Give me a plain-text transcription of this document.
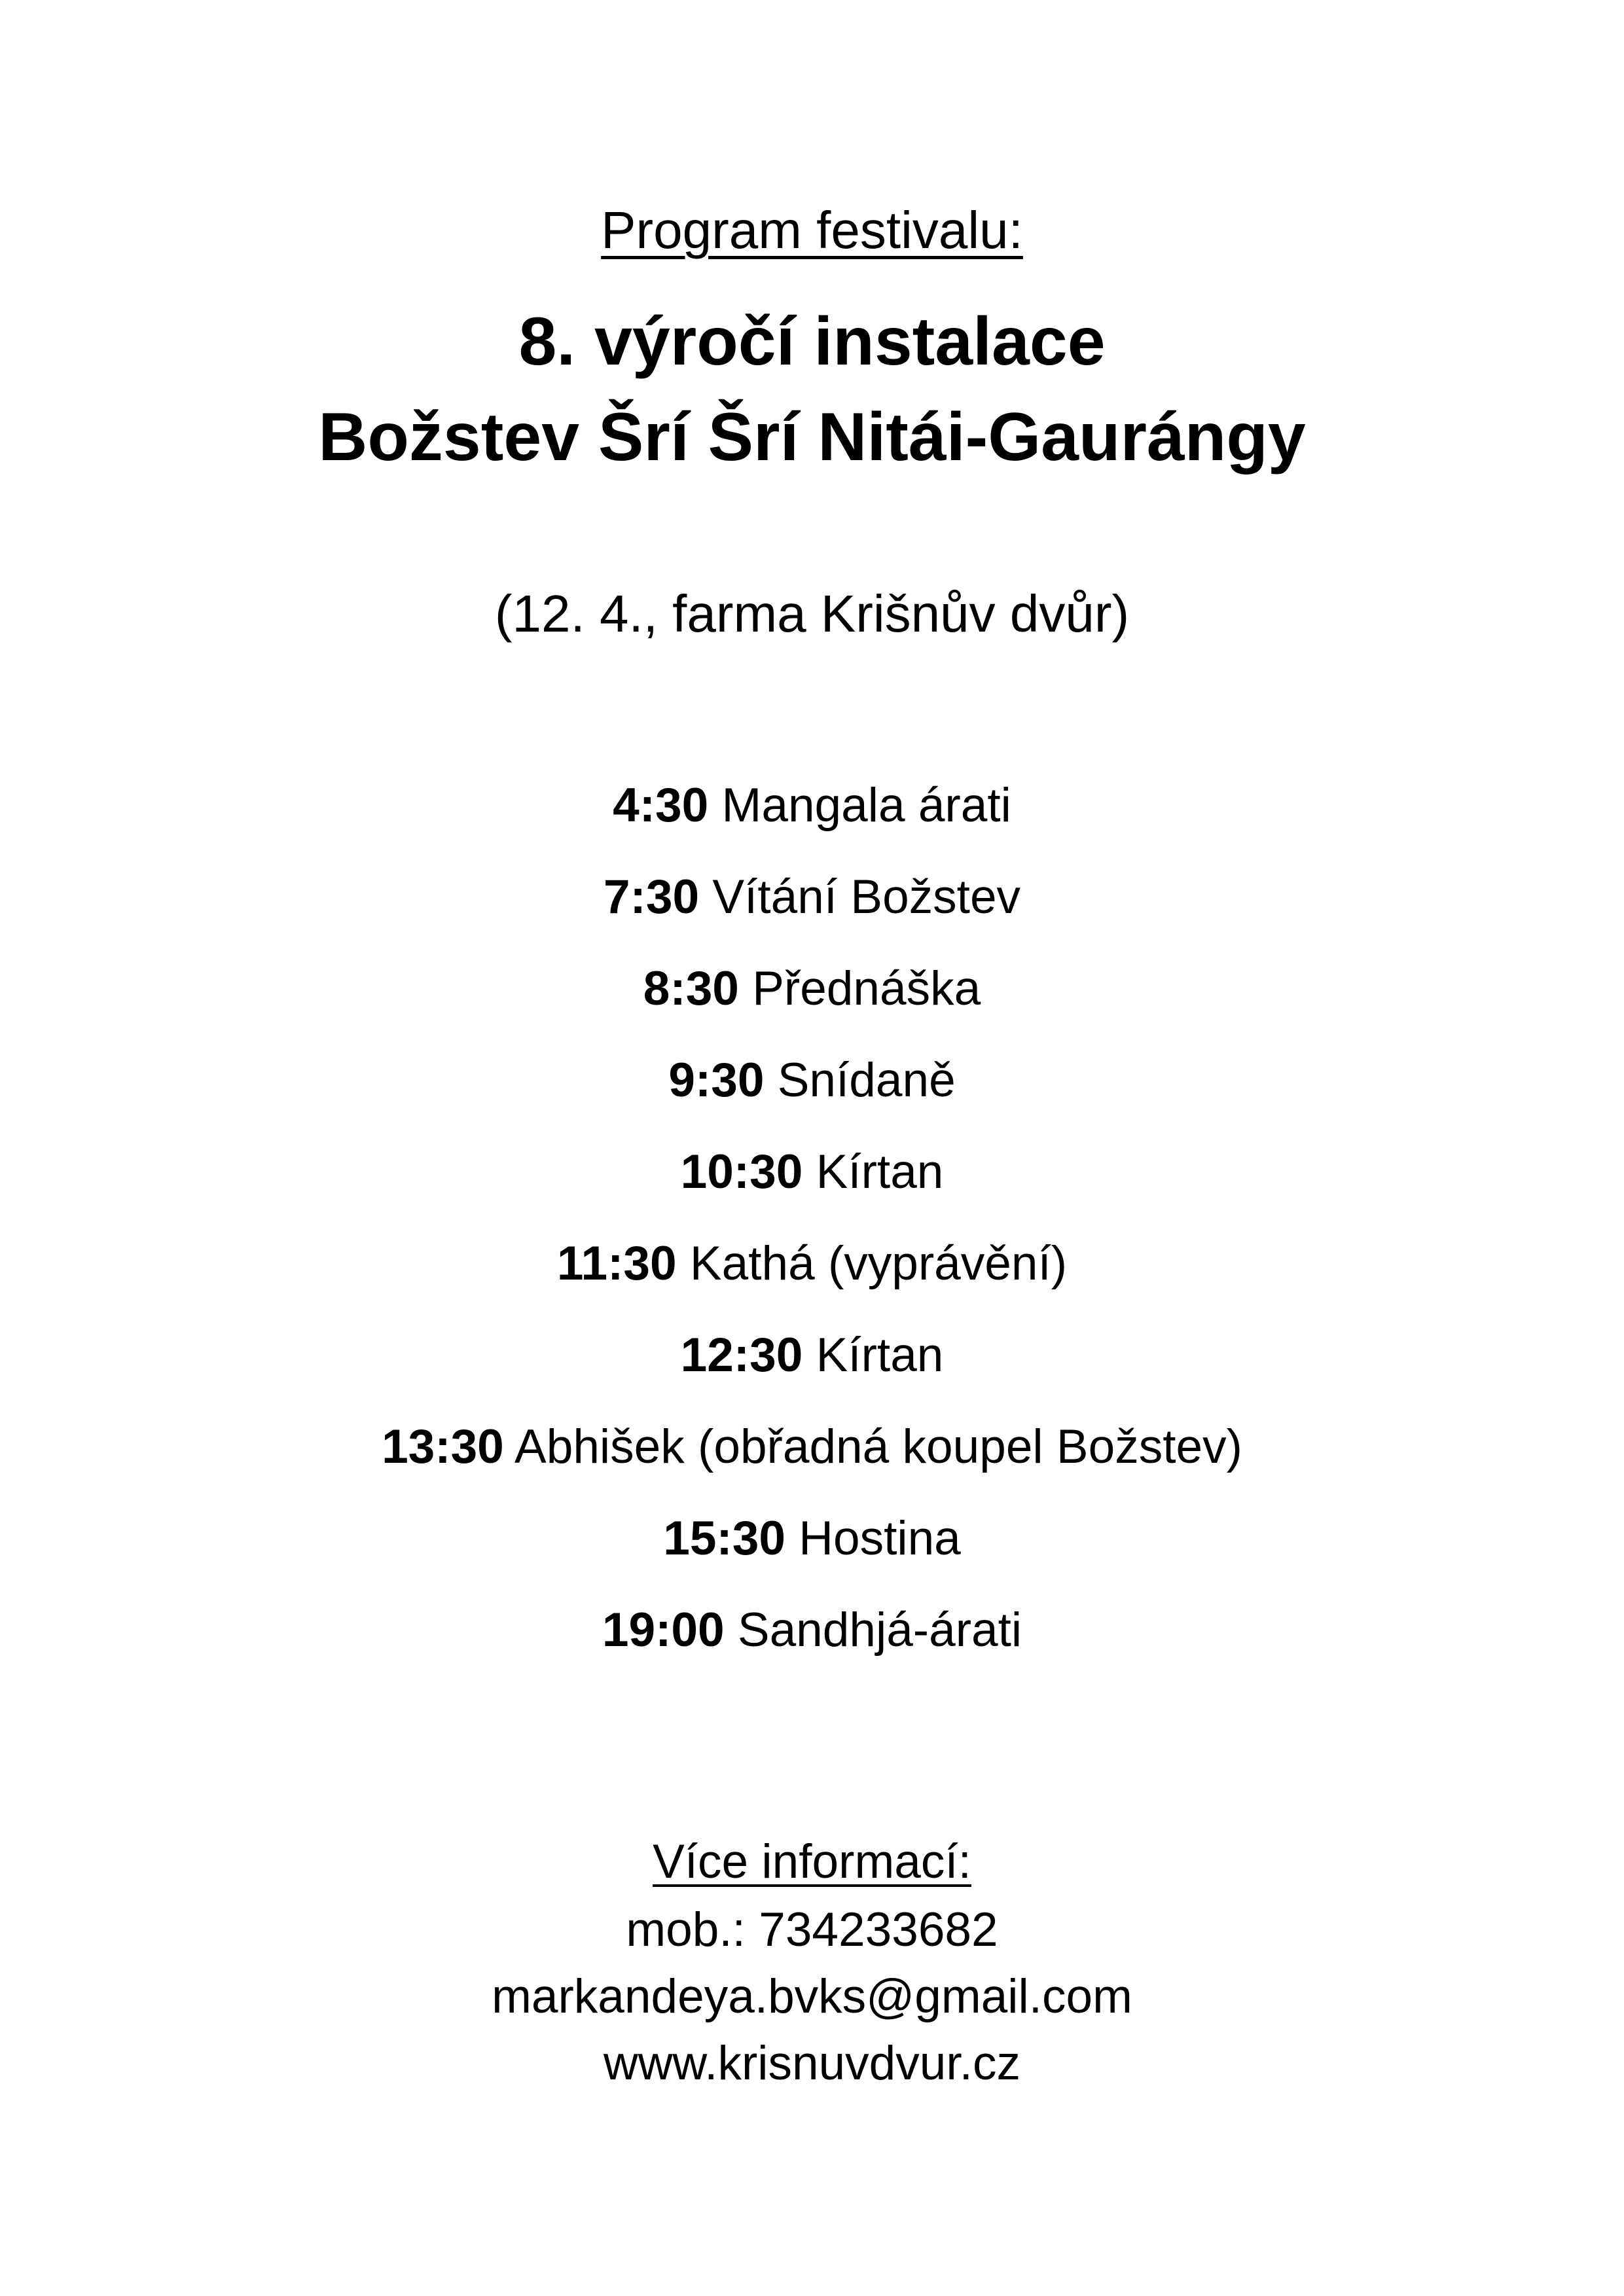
Program festivalu:
8. výročí instalace
Božstev Šrí Šrí Nitái-Gaurángy
(12. 4., farma Krišnův dvůr)
4:30 Mangala árati
7:30 Vítání Božstev
8:30 Přednáška
9:30 Snídaně
10:30 Kírtan
11:30 Kathá (vyprávění)
12:30 Kírtan
13:30 Abhišek (obřadná koupel Božstev)
15:30 Hostina
19:00 Sandhjá-árati
Více informací:
mob.: 734233682
markandeya.bvks@gmail.com
www.krisnuvdvur.cz
